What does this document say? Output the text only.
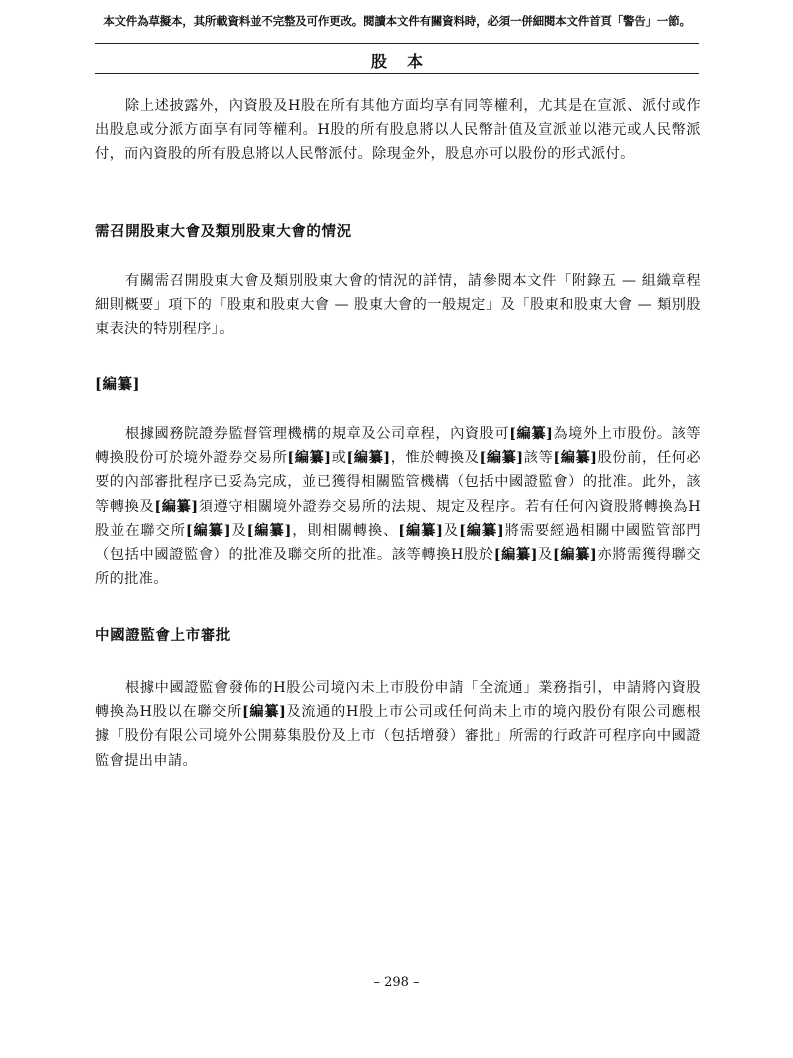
本文件為草擬本，其所載資料並不完整及可作更改。閱讀本文件有關資料時，必須一併細閱本文件首頁「警告」一節。
股本

除上述披露外，內資股及H股在所有其他方面均享有同等權利，尤其是在宣派、派付或作出股息或分派方面享有同等權利。H股的所有股息將以人民幣計值及宣派並以港元或人民幣派付，而內資股的所有股息將以人民幣派付。除現金外，股息亦可以股份的形式派付。

需召開股東大會及類別股東大會的情況

有關需召開股東大會及類別股東大會的情況的詳情，請參閱本文件「附錄五 — 組織章程細則概要」項下的「股東和股東大會 — 股東大會的一般規定」及「股東和股東大會 — 類別股東表決的特別程序」。

[編纂]

根據國務院證券監督管理機構的規章及公司章程，內資股可[編纂]為境外上市股份。該等轉換股份可於境外證券交易所[編纂]或[編纂]，惟於轉換及[編纂]該等[編纂]股份前，任何必要的內部審批程序已妥為完成，並已獲得相關監管機構（包括中國證監會）的批准。此外，該等轉換及[編纂]須遵守相關境外證券交易所的法規、規定及程序。若有任何內資股將轉換為H股並在聯交所[編纂]及[編纂]，則相關轉換、[編纂]及[編纂]將需要經過相關中國監管部門（包括中國證監會）的批准及聯交所的批准。該等轉換H股於[編纂]及[編纂]亦將需獲得聯交所的批准。

中國證監會上市審批

根據中國證監會發佈的H股公司境內未上市股份申請「全流通」業務指引，申請將內資股轉換為H股以在聯交所[編纂]及流通的H股上市公司或任何尚未上市的境內股份有限公司應根據「股份有限公司境外公開募集股份及上市（包括增發）審批」所需的行政許可程序向中國證監會提出申請。

– 298 –
